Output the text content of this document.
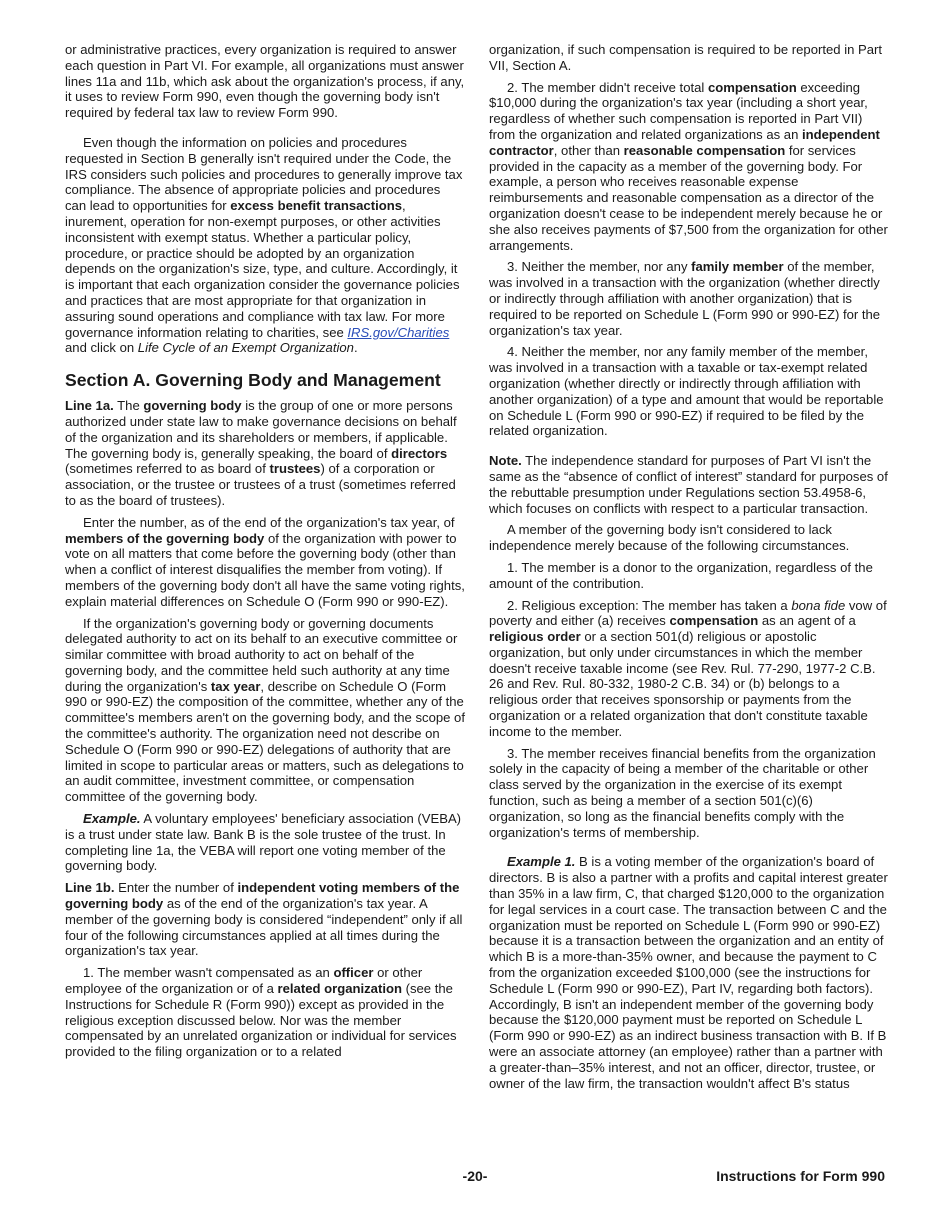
or administrative practices, every organization is required to answer each question in Part VI. For example, all organizations must answer lines 11a and 11b, which ask about the organization's process, if any, it uses to review Form 990, even though the governing body isn't required by federal tax law to review Form 990.

Even though the information on policies and procedures requested in Section B generally isn't required under the Code, the IRS considers such policies and procedures to generally improve tax compliance. The absence of appropriate policies and procedures can lead to opportunities for excess benefit transactions, inurement, operation for non-exempt purposes, or other activities inconsistent with exempt status. Whether a particular policy, procedure, or practice should be adopted by an organization depends on the organization's size, type, and culture. Accordingly, it is important that each organization consider the governance policies and practices that are most appropriate for that organization in assuring sound operations and compliance with tax law. For more governance information relating to charities, see IRS.gov/Charities and click on Life Cycle of an Exempt Organization.

Section A. Governing Body and Management

Line 1a. The governing body is the group of one or more persons authorized under state law to make governance decisions on behalf of the organization and its shareholders or members, if applicable. The governing body is, generally speaking, the board of directors (sometimes referred to as board of trustees) of a corporation or association, or the trustee or trustees of a trust (sometimes referred to as the board of trustees).

Enter the number, as of the end of the organization's tax year, of members of the governing body of the organization with power to vote on all matters that come before the governing body (other than when a conflict of interest disqualifies the member from voting). If members of the governing body don't all have the same voting rights, explain material differences on Schedule O (Form 990 or 990-EZ).

If the organization's governing body or governing documents delegated authority to act on its behalf to an executive committee or similar committee with broad authority to act on behalf of the governing body, and the committee held such authority at any time during the organization's tax year, describe on Schedule O (Form 990 or 990-EZ) the composition of the committee, whether any of the committee's members aren't on the governing body, and the scope of the committee's authority. The organization need not describe on Schedule O (Form 990 or 990-EZ) delegations of authority that are limited in scope to particular areas or matters, such as delegations to an audit committee, investment committee, or compensation committee of the governing body.

Example. A voluntary employees' beneficiary association (VEBA) is a trust under state law. Bank B is the sole trustee of the trust. In completing line 1a, the VEBA will report one voting member of the governing body.

Line 1b. Enter the number of independent voting members of the governing body as of the end of the organization's tax year. A member of the governing body is considered “independent” only if all four of the following circumstances applied at all times during the organization's tax year.

1. The member wasn't compensated as an officer or other employee of the organization or of a related organization (see the Instructions for Schedule R (Form 990)) except as provided in the religious exception discussed below. Nor was the member compensated by an unrelated organization or individual for services provided to the filing organization or to a related

organization, if such compensation is required to be reported in Part VII, Section A.

2. The member didn't receive total compensation exceeding $10,000 during the organization's tax year (including a short year, regardless of whether such compensation is reported in Part VII) from the organization and related organizations as an independent contractor, other than reasonable compensation for services provided in the capacity as a member of the governing body. For example, a person who receives reasonable expense reimbursements and reasonable compensation as a director of the organization doesn't cease to be independent merely because he or she also receives payments of $7,500 from the organization for other arrangements.

3. Neither the member, nor any family member of the member, was involved in a transaction with the organization (whether directly or indirectly through affiliation with another organization) that is required to be reported on Schedule L (Form 990 or 990-EZ) for the organization's tax year.

4. Neither the member, nor any family member of the member, was involved in a transaction with a taxable or tax-exempt related organization (whether directly or indirectly through affiliation with another organization) of a type and amount that would be reportable on Schedule L (Form 990 or 990-EZ) if required to be filed by the related organization.

Note. The independence standard for purposes of Part VI isn't the same as the “absence of conflict of interest” standard for purposes of the rebuttable presumption under Regulations section 53.4958-6, which focuses on conflicts with respect to a particular transaction.

A member of the governing body isn't considered to lack independence merely because of the following circumstances.

1. The member is a donor to the organization, regardless of the amount of the contribution.

2. Religious exception: The member has taken a bona fide vow of poverty and either (a) receives compensation as an agent of a religious order or a section 501(d) religious or apostolic organization, but only under circumstances in which the member doesn't receive taxable income (see Rev. Rul. 77-290, 1977-2 C.B. 26 and Rev. Rul. 80-332, 1980-2 C.B. 34) or (b) belongs to a religious order that receives sponsorship or payments from the organization or a related organization that don't constitute taxable income to the member.

3. The member receives financial benefits from the organization solely in the capacity of being a member of the charitable or other class served by the organization in the exercise of its exempt function, such as being a member of a section 501(c)(6) organization, so long as the financial benefits comply with the organization's terms of membership.

Example 1. B is a voting member of the organization's board of directors. B is also a partner with a profits and capital interest greater than 35% in a law firm, C, that charged $120,000 to the organization for legal services in a court case. The transaction between C and the organization must be reported on Schedule L (Form 990 or 990-EZ) because it is a transaction between the organization and an entity of which B is a more-than-35% owner, and because the payment to C from the organization exceeded $100,000 (see the instructions for Schedule L (Form 990 or 990-EZ), Part IV, regarding both factors). Accordingly, B isn't an independent member of the governing body because the $120,000 payment must be reported on Schedule L (Form 990 or 990-EZ) as an indirect business transaction with B. If B were an associate attorney (an employee) rather than a partner with a greater-than–35% interest, and not an officer, director, trustee, or owner of the law firm, the transaction wouldn't affect B's status

-20-	Instructions for Form 990
